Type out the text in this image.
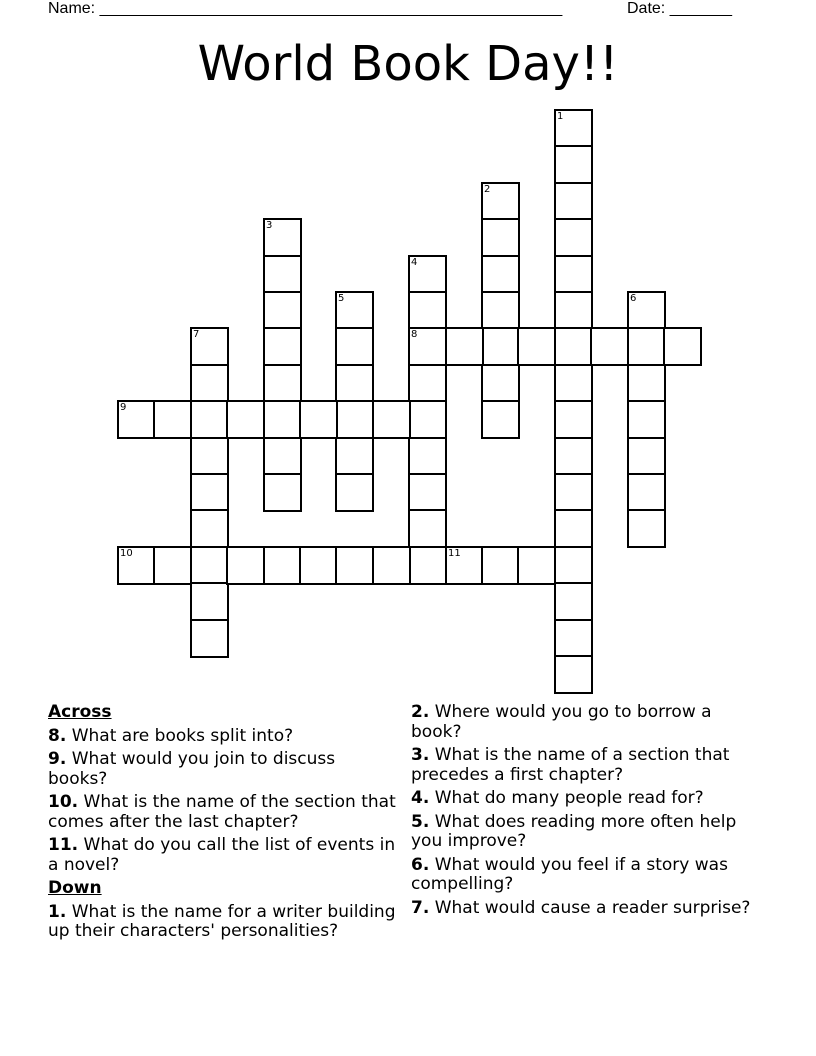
Name: ____________________________________________________	Date: _______
World Book Day!!
1
2
3
4
8
5	6
7
9
10	11
Across
8. What are books split into?
9. What would you join to discuss books?
10. What is the name of the section that comes after the last chapter?
11. What do you call the list of events in a novel?
Down
1. What is the name for a writer building up their characters' personalities?
2. Where would you go to borrow a book?
3. What is the name of a section that precedes a first chapter?
4. What do many people read for?
5. What does reading more often help you improve?
6. What would you feel if a story was compelling?
7. What would cause a reader surprise?
